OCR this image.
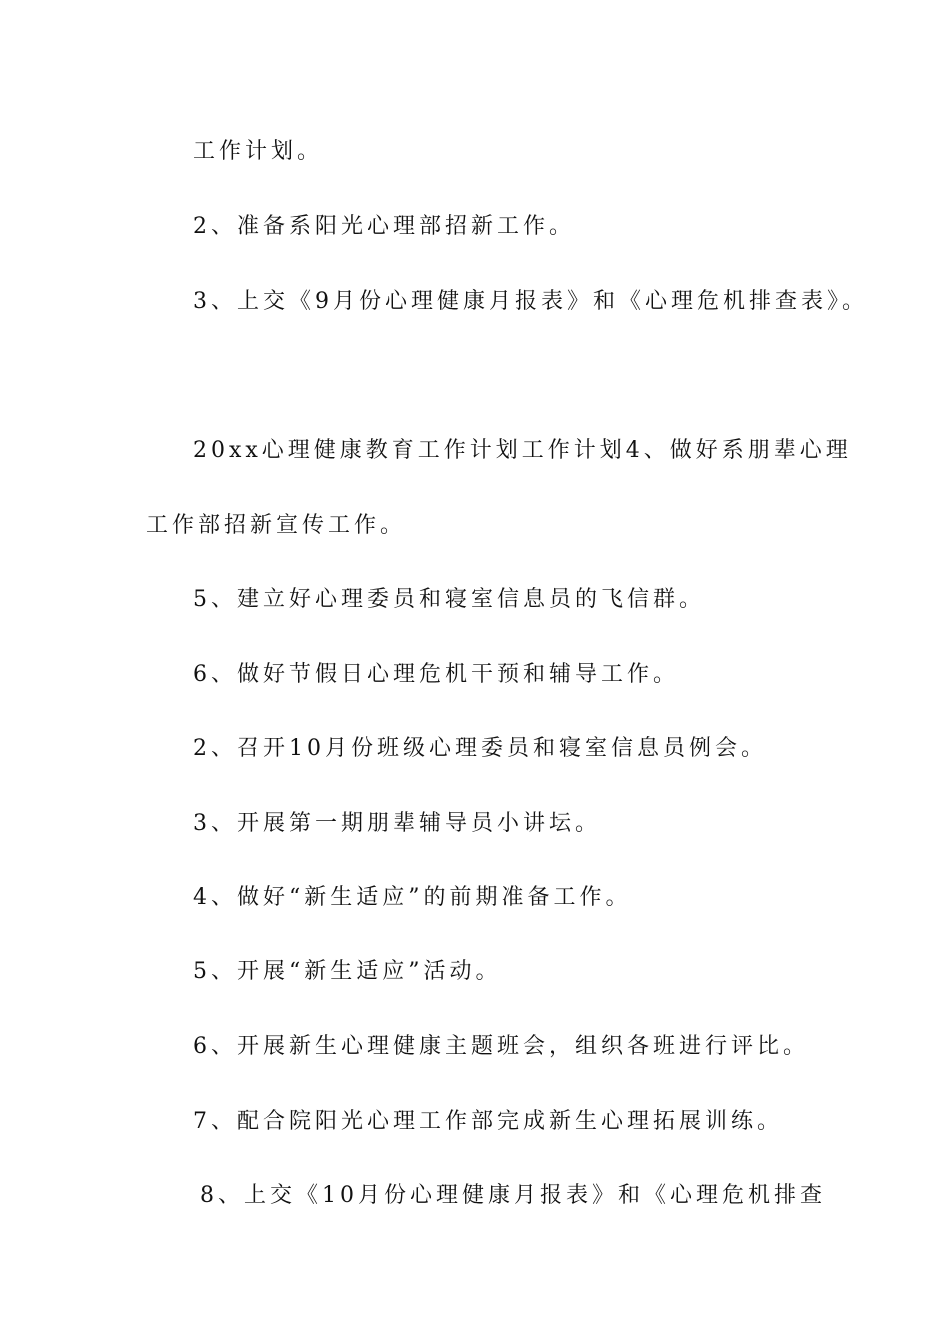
工作计划。
2、准备系阳光心理部招新工作。
3、上交《9月份心理健康月报表》和《心理危机排查表》。
20xx心理健康教育工作计划工作计划4、做好系朋辈心理
工作部招新宣传工作。
5、建立好心理委员和寝室信息员的飞信群。
6、做好节假日心理危机干预和辅导工作。
2、召开10月份班级心理委员和寝室信息员例会。
3、开展第一期朋辈辅导员小讲坛。
4、做好“新生适应”的前期准备工作。
5、开展“新生适应”活动。
6、开展新生心理健康主题班会，组织各班进行评比。
7、配合院阳光心理工作部完成新生心理拓展训练。
8、上交《10月份心理健康月报表》和《心理危机排查
